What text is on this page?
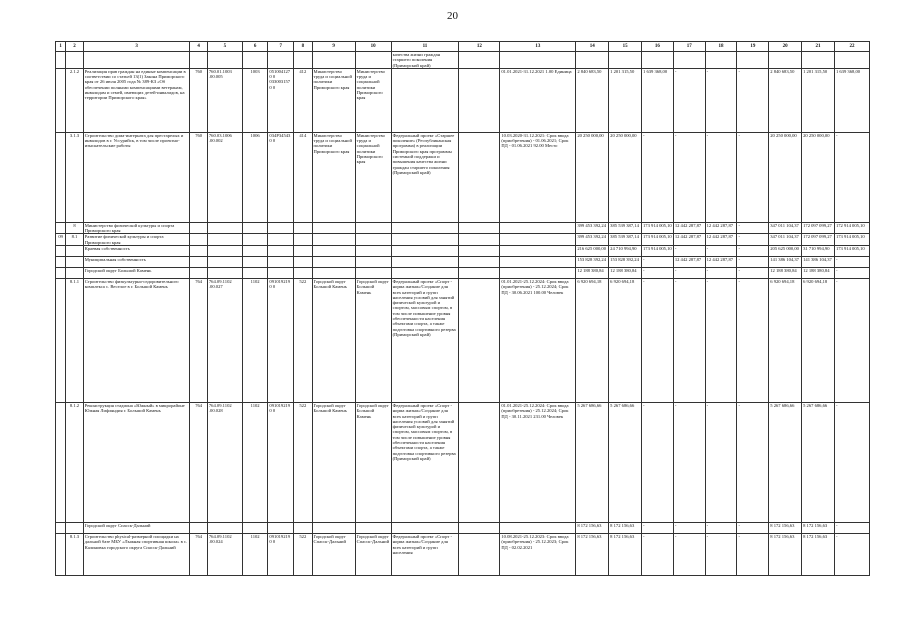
20
1	2	3	4	5	6	7	8	9	10	11	12	13	14	15	16	17	18	19	20	21	22
										качества жизни граждан старшего поколения (Приморский край)											
	2.1.2	Реализация прав граждан на единые компенсации в соответствии со статьей 13(1) Закона Приморского края от 26 июля 2005 года № 389-КЗ «Об обеспечении полными компенсациями ветеранам, инвалидам и семей, имеющих детей-инвалидов, на территории Приморского края»	760	760.01.1003 .00.005	1003	0510041270 0 0330031570 0	412	Министерство труда и социальной политики Приморского края	Министерство труда и социальной политики Приморского края			01.01.2021-31.12.2021 1.00 Единица	2 840 683,50	1 201 315,50	1 639 368,00	-	-	-	2 840 683,50	1 201 315,50	1 639 368,00
	3.1.3	Строительство дома-интерната для престарелых и инвалидов в г. Уссурийск, в том числе проектно-изыскательские работы	760	760.03.1006 .00.002	1006	034Р345430 0	414	Министерство труда и социальной политики Приморского края	Министерство труда и социальной политики Приморского края	Федеральный проект «Старшее поколение» (Республиканская программа) в реализации Приморского края программы системной поддержки и повышения качества жизни граждан старшего поколения (Приморский край)		10.03.2020-31.12.2021: Срок ввода (приобретения) - 01.06.2021; Срок ПД - 01.06.2021 92.00 Место	20 250 000,00	20 250 000,00	-	-	-	-	20 250 000,00	20 250 000,00	-
	8	Министерство физической культуры и спорта Приморского края											399 453 392,24	385 539 387,14	173 914 005,10	12 442 287,87	12 442 287,87	-	347 011 104,37	172 097 099,27	172 914 005,10
09	8.1	Развитие физической культуры и спорта Приморского края											399 453 392,24	385 539 387,14	173 914 005,10	12 442 287,87	12 442 287,87	-	347 011 104,37	172 097 099,27	173 914 005,10
		Краевая собственность											216 625 000,00	24 710 994,90	173 914 005,10	-	-	-	205 625 000,00	31 710 994,90	173 914 005,10
		Муниципальная собственность											153 828 392,24	153 828 392,24	-	12 442 287,87	12 442 287,87	-	141 386 104,37	141 386 104,37	-
		Городской округ Большой Камень											12 188 380,84	12 188 380,84	-	-	-	-	12 188 380,84	12 188 380,84	-
	8.1.1	Строительство физкультурно-оздоровительного комплекса с. Веселое в г. Большой Камень	764	764.09.1102 .00.027	1102	0910192190 0	522	Городской округ Большой Камень	Городской округ Большой Камень	Федеральный проект «Спорт - норма жизни»/Создание для всех категорий и групп населения условий для занятий физической культурой и спортом, массовым спортом, в том числе повышение уровня обеспеченности населения объектами спорта, а также подготовка спортивного резерва (Приморский край)		01.01.2021-25.12.2024: Срок ввода (приобретения) - 25.12.2024; Срок ПД - 30.06.2021 100.00 Человек	6 920 694,18	6 920 694,18	-	-	-	-	6 920 694,18	6 920 694,18	-
	8.1.2	Реконструкция стадиона «Южный» в микрорайоне Южная Лифляндия г. Большой Камень	764	764.09.1102 .00.028	1102	0910192190 0	522	Городской округ Большой Камень	Городской округ Большой Камень	Федеральный проект «Спорт - норма жизни»/Создание для всех категорий и групп населения условий для занятий физической культурой и спортом, массовым спортом, в том числе повышение уровня обеспеченности населения объектами спорта, а также подготовка спортивного резерва (Приморский край)		01.01.2021-25.12.2024: Срок ввода (приобретения) - 25.12.2024; Срок ПД - 30.11.2021 231.00 Человек	5 267 686,66	5 267 686,66	-	-	-	-	5 267 686,66	5 267 686,66	-
		Городской округ Спасск-Дальний											8 172 156,63	8 172 156,63	-	-	-	-	8 172 156,63	8 172 156,63	-
	8.1.3	Строительство physical-размерной площадки на дальной базе МБУ «Лыжная спортивная школа» в с. Калиновка городского округа Спасск-Дальний	764	764.09.1102 .00.024	1102	0910192190 0	522	Городской округ Спасск-Дальний	Городской округ Спасск-Дальний	Федеральный проект «Спорт - норма жизни»/Создание для всех категорий и групп населения		10.08.2021-25.12.2023: Срок ввода (приобретения) - 25.12.2023; Срок ПД - 02.02.2021	8 172 156,63	8 172 156,63	-	-	-	-	8 172 156,63	8 172 156,63	-
